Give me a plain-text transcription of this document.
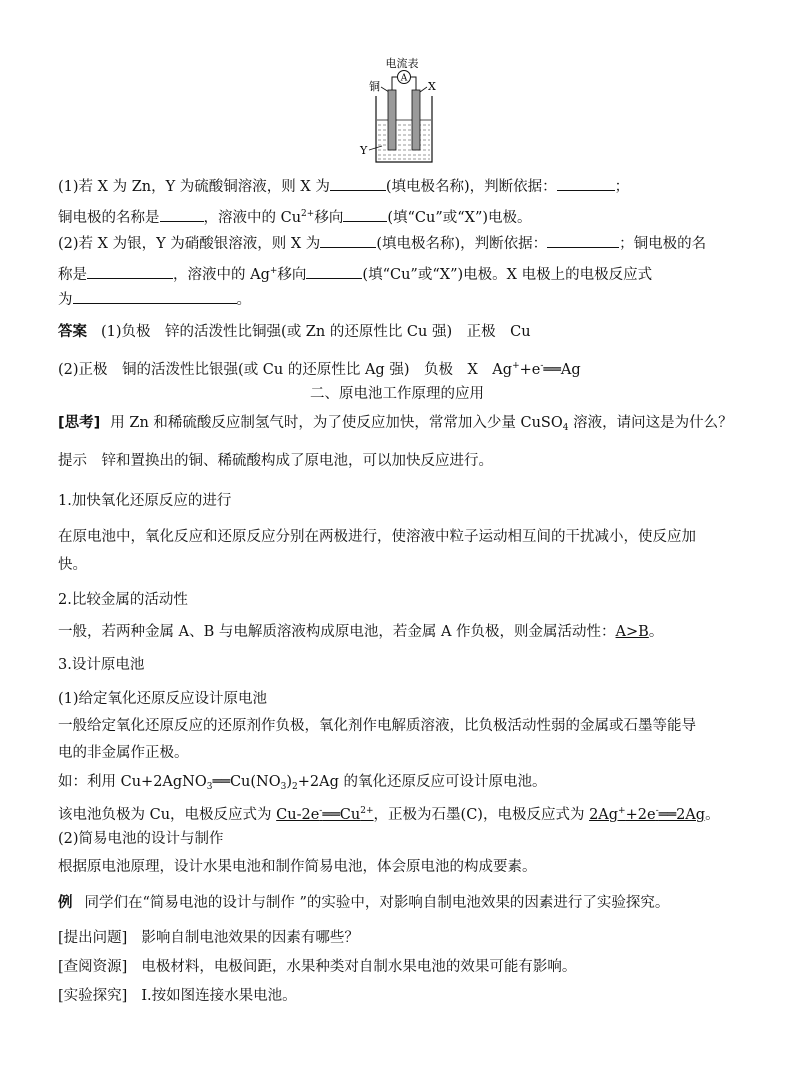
电流表
A
铜	X
Y
(1)若 X 为 Zn，Y 为硫酸铜溶液，则 X 为	(填电极名称)，判断依据：	；
铜电极的名称是	，溶液中的 $Cu^{2+}$移向	(填“Cu”或“X”)电极。
(2)若 X 为银，Y 为硝酸银溶液，则 X 为	(填电极名称)，判断依据：	；铜电极的名
称是	，溶液中的 Ag+移向	(填“Cu”或“X”)电极。X 电极上的电极反应式
为	。
答案 (1)负极　锌的活泼性比铜强(或 Zn 的还原性比 Cu 强)　正极　Cu
(2)正极　铜的活泼性比银强(或 Cu 的还原性比 Ag 强)　负极　X　Ag++e-══Ag
二、原电池工作原理的应用
[思考] 用 Zn 和稀硫酸反应制氢气时，为了使反应加快，常常加入少量 CuSO$_4$ 溶液，请问这是为什么？
提示　锌和置换出的铜、稀硫酸构成了原电池，可以加快反应进行。
1.加快氧化还原反应的进行
在原电池中，氧化反应和还原反应分别在两极进行，使溶液中粒子运动相互间的干扰减小，使反应加
快。
2.比较金属的活动性
一般，若两种金属 A、B 与电解质溶液构成原电池，若金属 A 作负极，则金属活动性：A>B。
3.设计原电池
(1)给定氧化还原反应设计原电池
一般给定氧化还原反应的还原剂作负极，氧化剂作电解质溶液，比负极活动性弱的金属或石墨等能导
电的非金属作正极。
如：利用 $Cu+2AgNO_3══Cu(NO_3)_2+2Ag$ 的氧化还原反应可设计原电池。
该电池负极为 Cu，电极反应式为 $Cu-2e^-══Cu^{2+}$，正极为石墨(C)，电极反应式为 2Ag++2e-══2Ag。
(2)简易电池的设计与制作
根据原电池原理，设计水果电池和制作简易电池，体会原电池的构成要素。
例 同学们在“简易电池的设计与制作 ”的实验中，对影响自制电池效果的因素进行了实验探究。
[提出问题] 影响自制电池效果的因素有哪些？
[查阅资源] 电极材料，电极间距，水果种类对自制水果电池的效果可能有影响。
[实验探究] Ⅰ.按如图连接水果电池。
